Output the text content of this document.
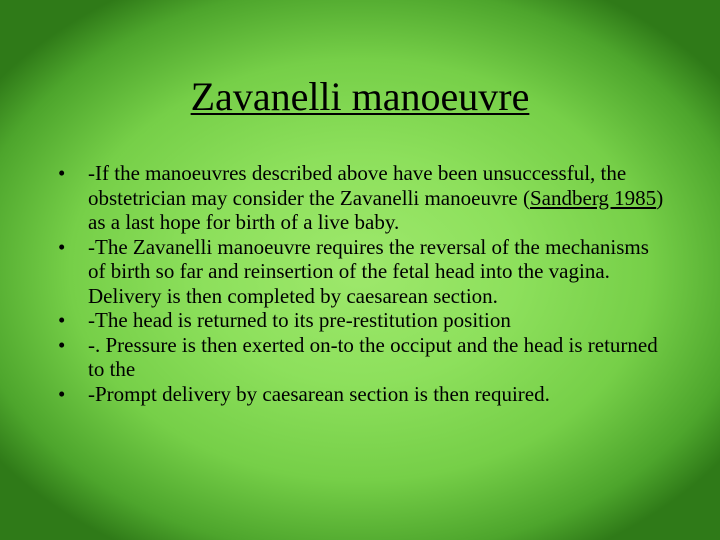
Zavanelli manoeuvre
•	-If the manoeuvres described above have been unsuccessful, the obstetrician may consider the Zavanelli manoeuvre (Sandberg 1985) as a last hope for birth of a live baby.
•	-The Zavanelli manoeuvre requires the reversal of the mechanisms of birth so far and reinsertion of the fetal head into the vagina. Delivery is then completed by caesarean section.
•	-The head is returned to its pre-restitution position
•	-. Pressure is then exerted on-to the occiput and the head is returned to the
•	-Prompt delivery by caesarean section is then required.
